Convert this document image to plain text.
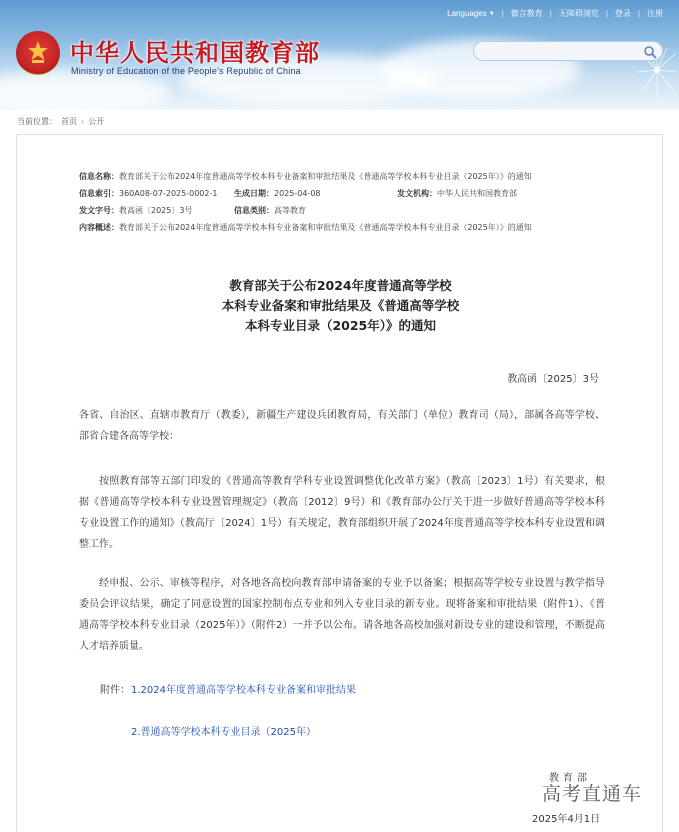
中华人民共和国教育部
Ministry of Education of the People's Republic of China
Languages ▼ | 微言教育 | 无障碍浏览 | 登录 | 注册
当前位置： 首页 › 公开
信息名称：教育部关于公布2024年度普通高等学校本科专业备案和审批结果及《普通高等学校本科专业目录（2025年）》的通知
信息索引：360A08-07-2025-0002-1 生成日期：2025-04-08	发文机构：中华人民共和国教育部
发文字号：教高函〔2025〕3号	信息类别：高等教育
内容概述：教育部关于公布2024年度普通高等学校本科专业备案和审批结果及《普通高等学校本科专业目录（2025年）》的通知
教育部关于公布2024年度普通高等学校
本科专业备案和审批结果及《普通高等学校
本科专业目录（2025年）》的通知
教高函〔2025〕3号
各省、自治区、直辖市教育厅（教委），新疆生产建设兵团教育局，有关部门（单位）教育司（局），部属各高等学校、部省合建各高等学校：
按照教育部等五部门印发的《普通高等教育学科专业设置调整优化改革方案》（教高〔2023〕1号）有关要求，根据《普通高等学校本科专业设置管理规定》（教高〔2012〕9号）和《教育部办公厅关于进一步做好普通高等学校本科专业设置工作的通知》（教高厅〔2024〕1号）有关规定，教育部组织开展了2024年度普通高等学校本科专业设置和调整工作。
经申报、公示、审核等程序，对各地各高校向教育部申请备案的专业予以备案；根据高等学校专业设置与教学指导委员会评议结果，确定了同意设置的国家控制布点专业和列入专业目录的新专业。现将备案和审批结果（附件1）、《普通高等学校本科专业目录（2025年）》（附件2）一并予以公布。请各地各高校加强对新设专业的建设和管理，不断提高人才培养质量。
附件： 1.2024年度普通高等学校本科专业备案和审批结果
2.普通高等学校本科专业目录（2025年）
教育部
2025年4月1日
高考直通车
